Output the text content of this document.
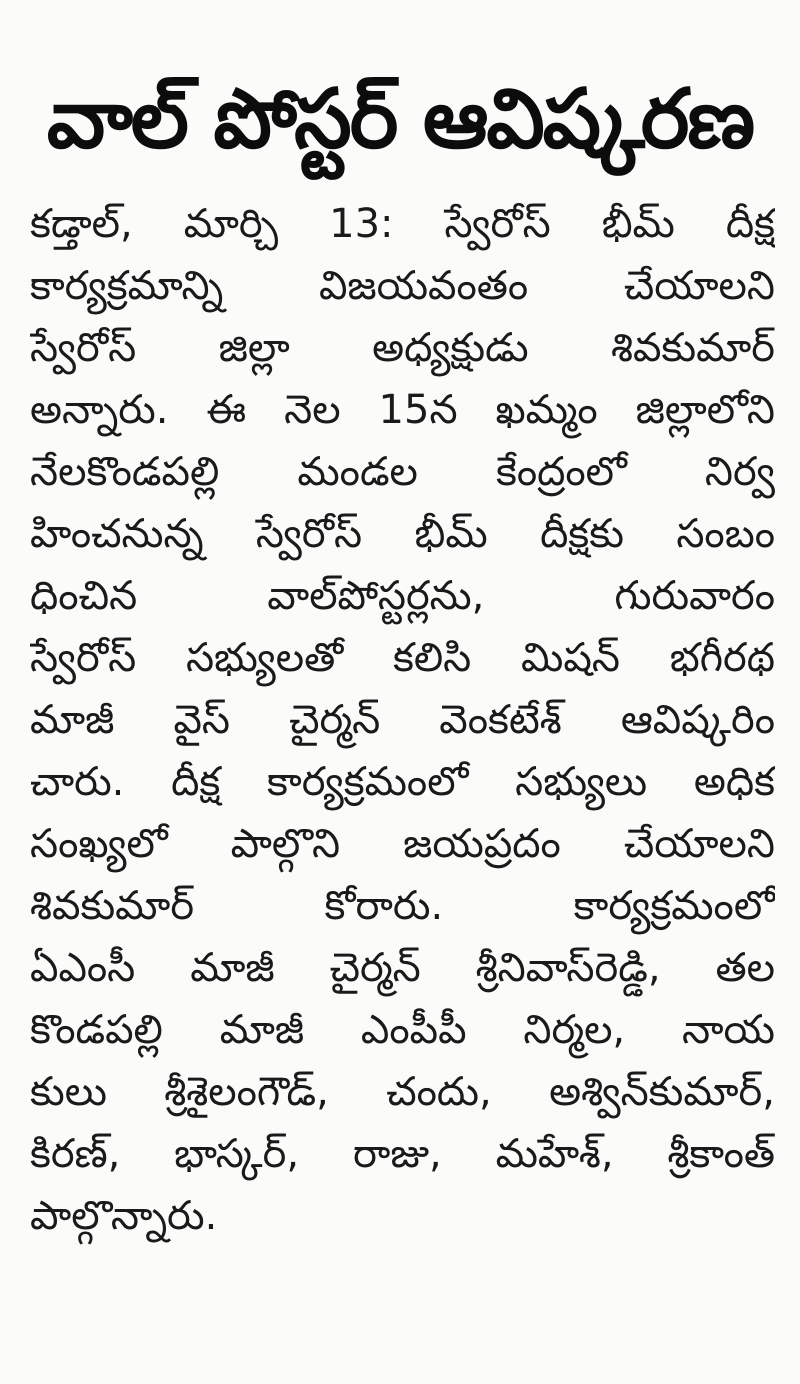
వాల్ పోస్టర్ ఆవిష్కరణ
కడ్తాల్, మార్చి 13: స్వేరోస్ భీమ్ దీక్ష
కార్యక్రమాన్ని విజయవంతం చేయాలని
స్వేరోస్ జిల్లా అధ్యక్షుడు శివకుమార్
అన్నారు. ఈ నెల 15న ఖమ్మం జిల్లాలోని
నేలకొండపల్లి మండల కేంద్రంలో నిర్వ
హించనున్న స్వేరోస్ భీమ్ దీక్షకు సంబం
ధించిన వాల్‌పోస్టర్లను, గురువారం
స్వేరోస్ సభ్యులతో కలిసి మిషన్ భగీరథ
మాజీ వైస్ చైర్మన్ వెంకటేశ్ ఆవిష్కరిం
చారు. దీక్ష కార్యక్రమంలో సభ్యులు అధిక
సంఖ్యలో పాల్గొని జయప్రదం చేయాలని
శివకుమార్ కోరారు. కార్యక్రమంలో
ఏఎంసీ మాజీ చైర్మన్ శ్రీనివాస్‌రెడ్డి, తల
కొండపల్లి మాజీ ఎంపీపీ నిర్మల, నాయ
కులు శ్రీశైలంగౌడ్, చందు, అశ్విన్‌కుమార్,
కిరణ్, భాస్కర్, రాజు, మహేశ్, శ్రీకాంత్
పాల్గొన్నారు.
